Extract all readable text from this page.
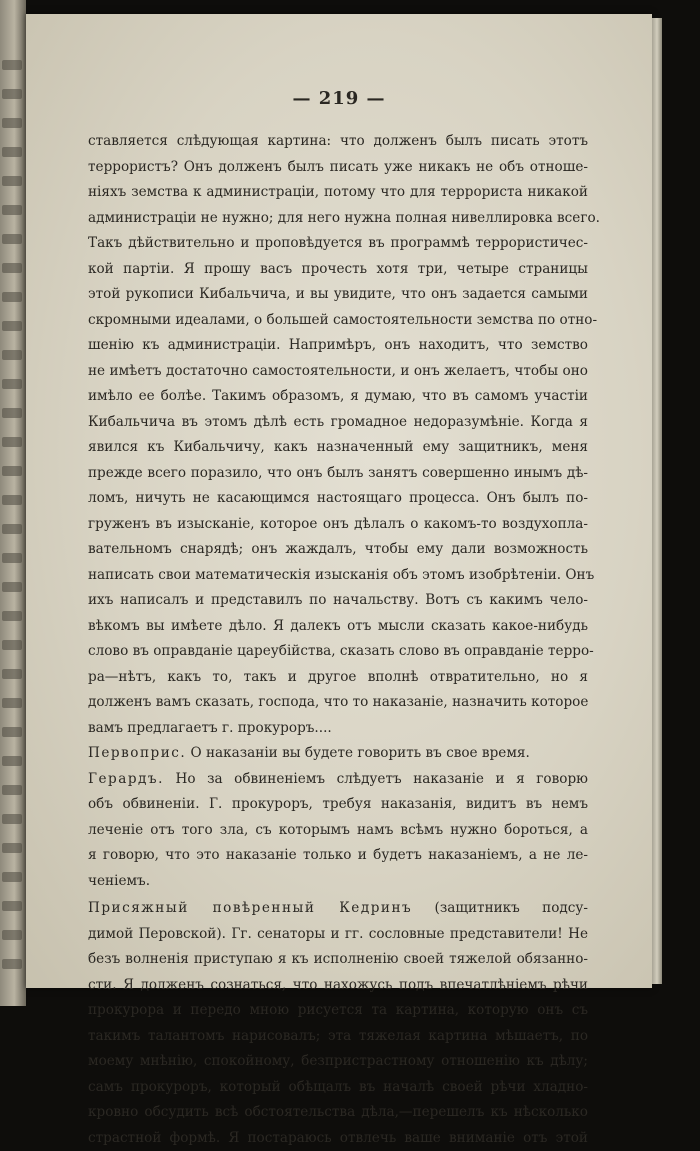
— 219 —
ставляется слѣдующая картина: что долженъ былъ писать этотъ
террористъ? Онъ долженъ былъ писать уже никакъ не объ отноше-
ніяхъ земства к администраціи, потому что для террориста никакой
администраціи не нужно; для него нужна полная нивеллировка всего.
Такъ дѣйствительно и проповѣдуется въ программѣ террористичес-
кой партіи. Я прошу васъ прочесть хотя три, четыре страницы
этой рукописи Кибальчича, и вы увидите, что онъ задается самыми
скромными идеалами, о большей самостоятельности земства по отно-
шенію къ администраціи. Напримѣръ, онъ находитъ, что земство
не имѣетъ достаточно самостоятельности, и онъ желаетъ, чтобы оно
имѣло ее болѣе. Такимъ образомъ, я думаю, что въ самомъ участіи
Кибальчича въ этомъ дѣлѣ есть громадное недоразумѣніе. Когда я
явился къ Кибальчичу, какъ назначенный ему защитникъ, меня
прежде всего поразило, что онъ былъ занятъ совершенно инымъ дѣ-
ломъ, ничуть не касающимся настоящаго процесса. Онъ былъ по-
груженъ въ изысканіе, которое онъ дѣлалъ о какомъ-то воздухопла-
вательномъ снарядѣ; онъ жаждалъ, чтобы ему дали возможность
написать свои математическія изысканія объ этомъ изобрѣтеніи. Онъ
ихъ написалъ и представилъ по начальству. Вотъ съ какимъ чело-
вѣкомъ вы имѣете дѣло. Я далекъ отъ мысли сказать какое-нибудь
слово въ оправданіе цареубійства, сказать слово въ оправданіе терро-
ра—нѣтъ, какъ то, такъ и другое вполнѣ отвратительно, но я
долженъ вамъ сказать, господа, что то наказаніе, назначить которое
вамъ предлагаетъ г. прокуроръ....
Первоприс. О наказаніи вы будете говорить въ свое время.
Герардъ. Но за обвиненіемъ слѣдуетъ наказаніе и я говорю
объ обвиненіи. Г. прокуроръ, требуя наказанія, видитъ въ немъ
леченіе отъ того зла, съ которымъ намъ всѣмъ нужно бороться, а
я говорю, что это наказаніе только и будетъ наказаніемъ, а не ле-
ченіемъ.
Присяжный повѣренный Кедринъ (защитникъ подсу-
димой Перовской). Гг. сенаторы и гг. сословные представители! Не
безъ волненія приступаю я къ исполненію своей тяжелой обязанно-
сти. Я долженъ сознаться, что нахожусь подъ впечатлѣніемъ рѣчи
прокурора и передо мною рисуется та картина, которую онъ съ
такимъ талантомъ нарисовалъ; эта тяжелая картина мѣшаетъ, по
моему мнѣнію, спокойному, безпристрастному отношенію къ дѣлу;
самъ прокуроръ, который обѣщалъ въ началѣ своей рѣчи хладно-
кровно обсудить всѣ обстоятельства дѣла,—перешелъ къ нѣсколько
страстной формѣ. Я постараюсь отвлечь ваше вниманіе отъ этой
